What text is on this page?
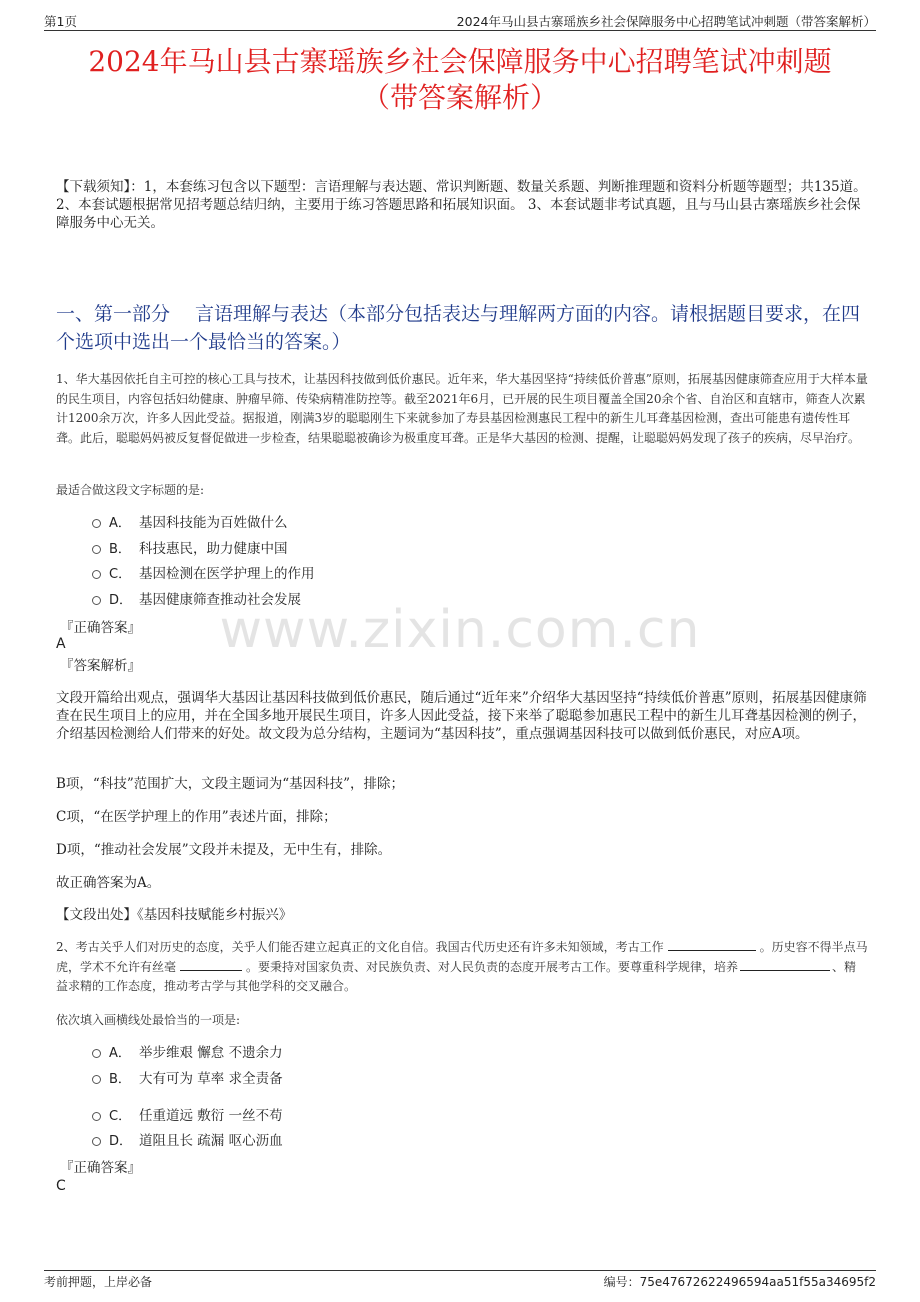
第1页	2024年马山县古寨瑶族乡社会保障服务中心招聘笔试冲刺题（带答案解析）
2024年马山县古寨瑶族乡社会保障服务中心招聘笔试冲刺题
（带答案解析）
【下载须知】：1，本套练习包含以下题型：言语理解与表达题、常识判断题、数量关系题、判断推理题和资料分析题等题型；共135道。 2、本套试题根据常见招考题总结归纳，主要用于练习答题思路和拓展知识面。 3、本套试题非考试真题，且与马山县古寨瑶族乡社会保障服务中心无关。
一、第一部分　 言语理解与表达（本部分包括表达与理解两方面的内容。请根据题目要求，在四个选项中选出一个最恰当的答案。）
1、华大基因依托自主可控的核心工具与技术，让基因科技做到低价惠民。近年来，华大基因坚持“持续低价普惠”原则，拓展基因健康筛查应用于大样本量的民生项目，内容包括妇幼健康、肿瘤早筛、传染病精准防控等。截至2021年6月，已开展的民生项目覆盖全国20余个省、自治区和直辖市，筛查人次累计1200余万次，许多人因此受益。据报道，刚满3岁的聪聪刚生下来就参加了寿县基因检测惠民工程中的新生儿耳聋基因检测，查出可能患有遗传性耳聋。此后，聪聪妈妈被反复督促做进一步检查，结果聪聪被确诊为极重度耳聋。正是华大基因的检测、提醒，让聪聪妈妈发现了孩子的疾病，尽早治疗。
最适合做这段文字标题的是:
A． 基因科技能为百姓做什么
B． 科技惠民，助力健康中国
C． 基因检测在医学护理上的作用
D． 基因健康筛查推动社会发展
www.zixin.com.cn
『正确答案』
A
『答案解析』
文段开篇给出观点，强调华大基因让基因科技做到低价惠民，随后通过“近年来”介绍华大基因坚持“持续低价普惠”原则，拓展基因健康筛查在民生项目上的应用，并在全国多地开展民生项目，许多人因此受益，接下来举了聪聪参加惠民工程中的新生儿耳聋基因检测的例子，介绍基因检测给人们带来的好处。故文段为总分结构，主题词为“基因科技”，重点强调基因科技可以做到低价惠民，对应A项。
B项，“科技”范围扩大，文段主题词为“基因科技”，排除；
C项，“在医学护理上的作用”表述片面，排除；
D项，“推动社会发展”文段并未提及，无中生有，排除。
故正确答案为A。
【文段出处】《基因科技赋能乡村振兴》
2、考古关乎人们对历史的态度，关乎人们能否建立起真正的文化自信。我国古代历史还有许多未知领域，考古工作	。历史容不得半点马虎，学术不允许有丝毫	。要秉持对国家负责、对民族负责、对人民负责的态度开展考古工作。要尊重科学规律，培养	、精益求精的工作态度，推动考古学与其他学科的交叉融合。
依次填入画横线处最恰当的一项是:
A． 举步维艰 懈怠 不遗余力
B． 大有可为 草率 求全责备
C． 任重道远 敷衍 一丝不苟
D． 道阻且长 疏漏 呕心沥血
『正确答案』
C
考前押题，上岸必备	编号：75e47672622496594aa51f55a34695f2
